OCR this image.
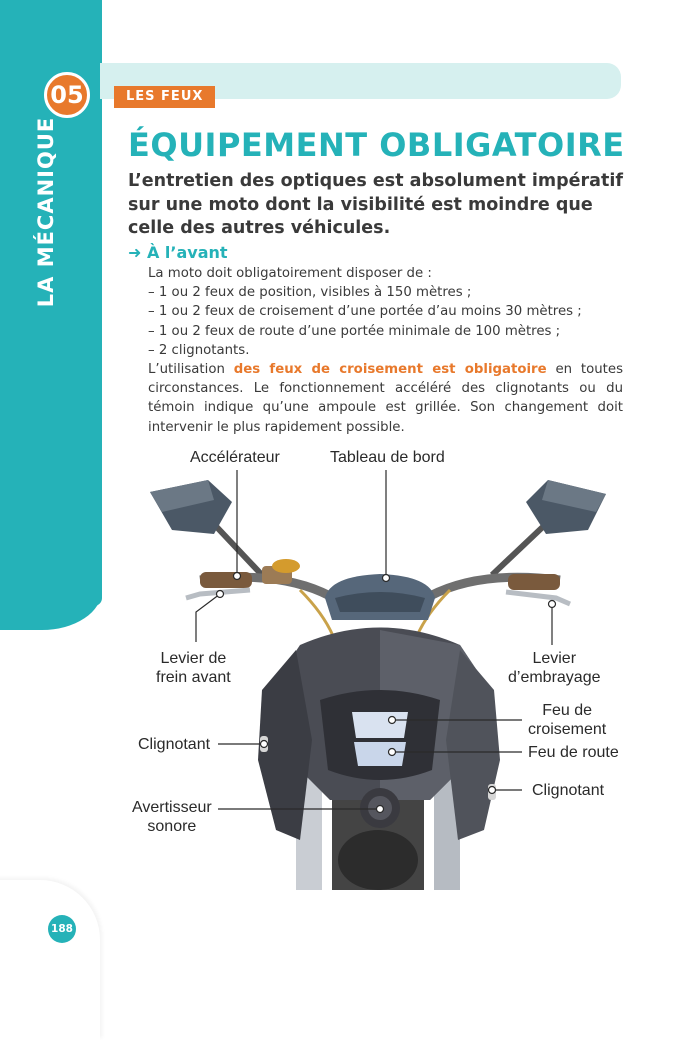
LA MÉCANIQUE
05	LES FEUX
ÉQUIPEMENT OBLIGATOIRE

L’entretien des optiques est absolument impératif sur une moto dont la visibilité est moindre que celle des autres véhicules.

➜ À l’avant

La moto doit obligatoirement disposer de :

– 1 ou 2 feux de position, visibles à 150 mètres ;

– 1 ou 2 feux de croisement d’une portée d’au moins 30 mètres ;

– 1 ou 2 feux de route d’une portée minimale de 100 mètres ;

– 2 clignotants.

L’utilisation des feux de croisement est obligatoire en toutes circonstances. Le fonctionnement accéléré des clignotants ou du témoin indique qu’une ampoule est grillée. Son changement doit intervenir le plus rapidement possible.

Accélérateur	Tableau de bord
Levier de
frein avant
Levier
d’embrayage
Feu de
croisement
Feu de route
Clignotant
Clignotant
Avertisseur
sonore
188
